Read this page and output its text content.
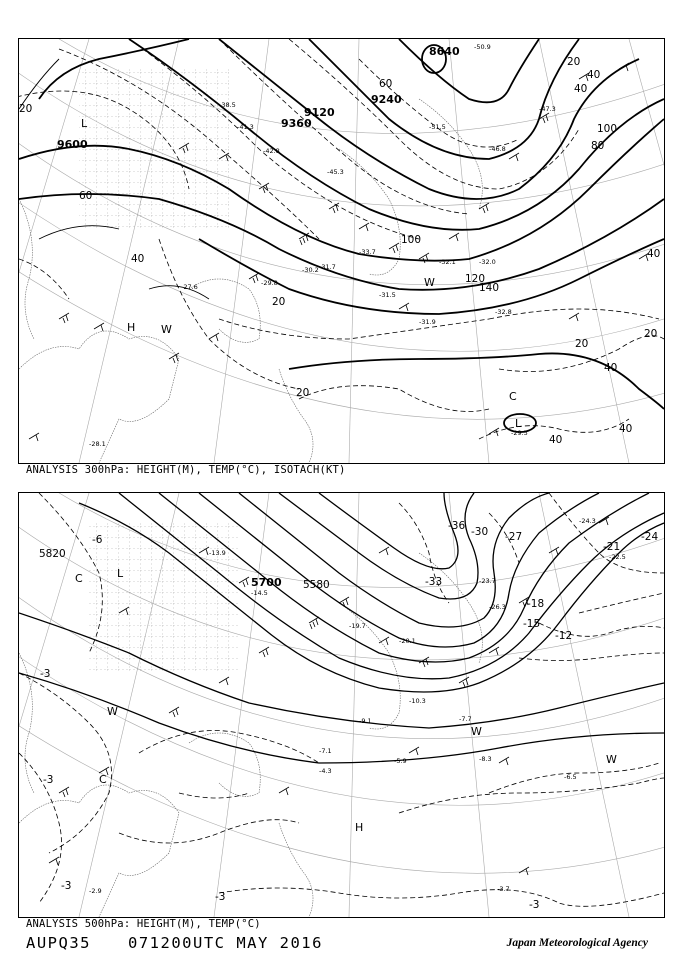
9600
9360
9120
9240
8640
20
20
40
40
60
60
80
100
100
20
20
20
20
40
40
40
40
40
120
140
-38.5
-41.3
-42.8
-45.3
-47.3
-46.8
-50.9
-51.5
-31.7
-32.1
-33.7
-31.9
-32.8
-29.8
-30.2
-27.6
-28.1
-31.5
-32.0
-29.5
L
H
C
L
W
W
ANALYSIS 300hPa: HEIGHT(M), TEMP(°C), ISOTACH(KT)
5820
5700 5580
-3
-3
-3
-3
-3
-6
-12
-15
-18
-21
-24
-27
-30
-33
-36
-13.9
-14.5
-19.7
-20.1
-22.5
-24.3
-26.3
-23.7
-10.3
-7.7
-9.1
-8.3
-5.9
-6.5
-7.1
-4.3
-3.7
-2.9
C	L
W
H
C
W
W
ANALYSIS 500hPa: HEIGHT(M), TEMP(°C)
AUPQ35 071200UTC MAY 2016	Japan Meteorological Agency
